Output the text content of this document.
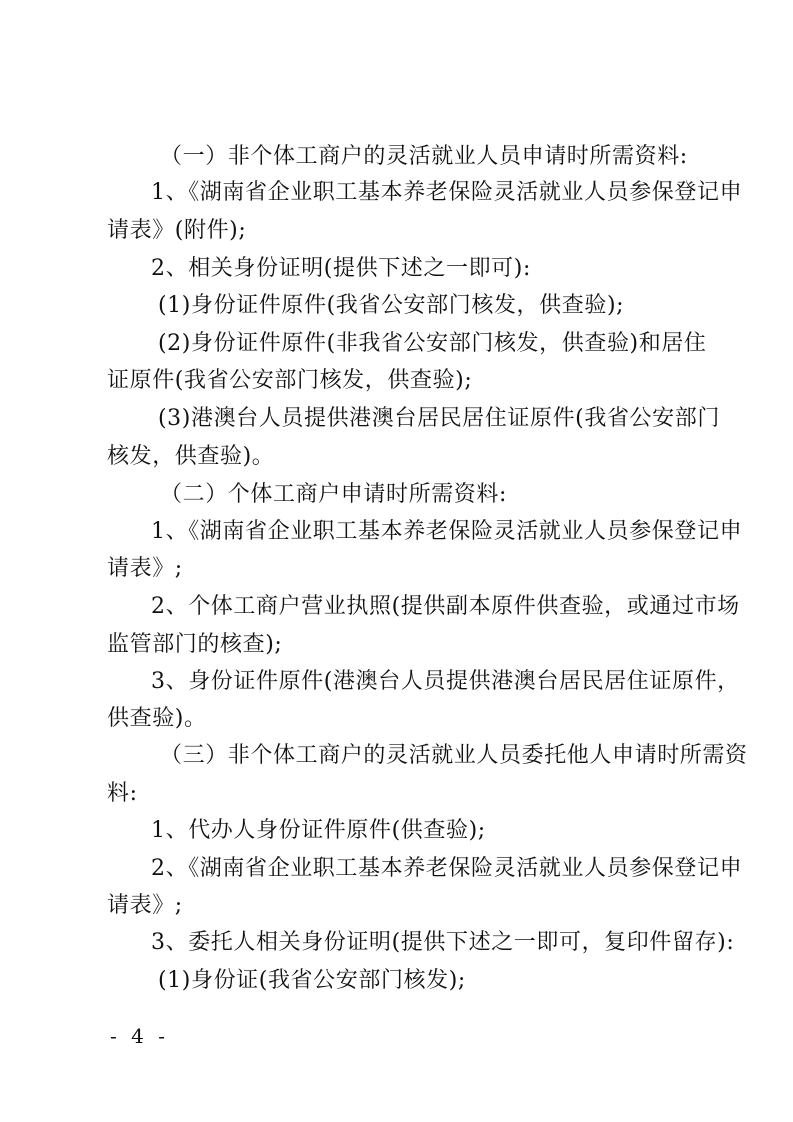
（一）非个体工商户的灵活就业人员申请时所需资料:
1、《湖南省企业职工基本养老保险灵活就业人员参保登记申
请表》(附件);
2、相关身份证明(提供下述之一即可):
(1)身份证件原件(我省公安部门核发，供查验);
(2)身份证件原件(非我省公安部门核发，供查验)和居住
证原件(我省公安部门核发，供查验);
(3)港澳台人员提供港澳台居民居住证原件(我省公安部门
核发，供查验)。
（二）个体工商户申请时所需资料:
1、《湖南省企业职工基本养老保险灵活就业人员参保登记申
请表》;
2、个体工商户营业执照(提供副本原件供查验，或通过市场
监管部门的核查);
3、身份证件原件(港澳台人员提供港澳台居民居住证原件，
供查验)。
（三）非个体工商户的灵活就业人员委托他人申请时所需资
料:
1、代办人身份证件原件(供查验);
2、《湖南省企业职工基本养老保险灵活就业人员参保登记申
请表》;
3、委托人相关身份证明(提供下述之一即可，复印件留存):
(1)身份证(我省公安部门核发);
- 4 -
